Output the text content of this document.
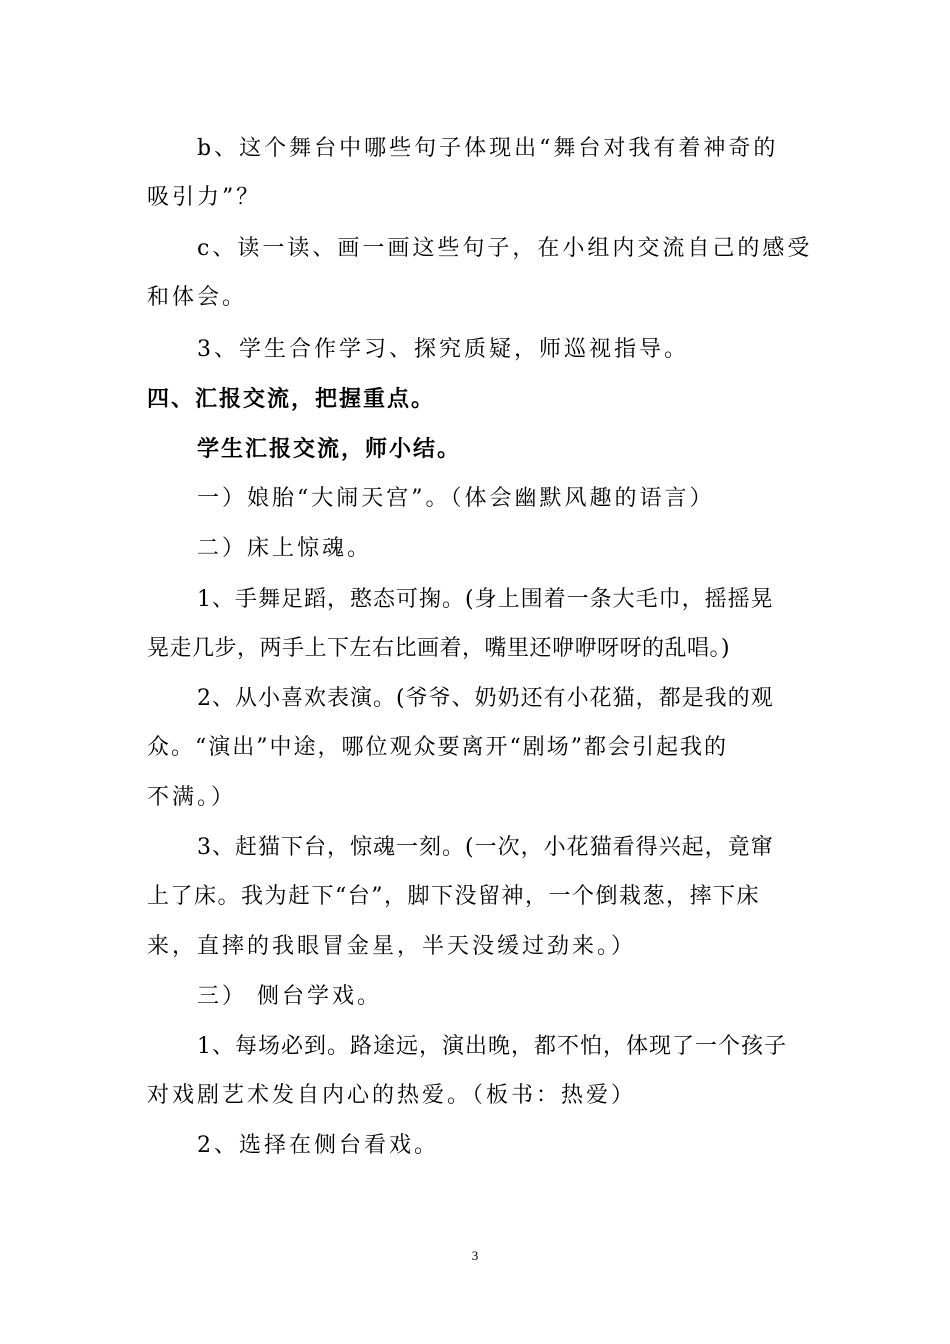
b、这个舞台中哪些句子体现出“舞台对我有着神奇的
吸引力”？
c、读一读、画一画这些句子，在小组内交流自己的感受
和体会。
3、学生合作学习、探究质疑，师巡视指导。
四、汇报交流，把握重点。
学生汇报交流，师小结。
一）娘胎“大闹天宫”。（体会幽默风趣的语言）
二）床上惊魂。
1、手舞足蹈，憨态可掬。(身上围着一条大毛巾，摇摇晃
晃走几步，两手上下左右比画着，嘴里还咿咿呀呀的乱唱。)
2、从小喜欢表演。(爷爷、奶奶还有小花猫，都是我的观
众。“演出”中途，哪位观众要离开“剧场”都会引起我的
不满。）
3、赶猫下台，惊魂一刻。(一次，小花猫看得兴起，竟窜
上了床。我为赶下“台”，脚下没留神，一个倒栽葱，摔下床
来，直摔的我眼冒金星，半天没缓过劲来。）
三） 侧台学戏。
1、每场必到。路途远，演出晚，都不怕，体现了一个孩子
对戏剧艺术发自内心的热爱。（板书：热爱）
2、选择在侧台看戏。
3
